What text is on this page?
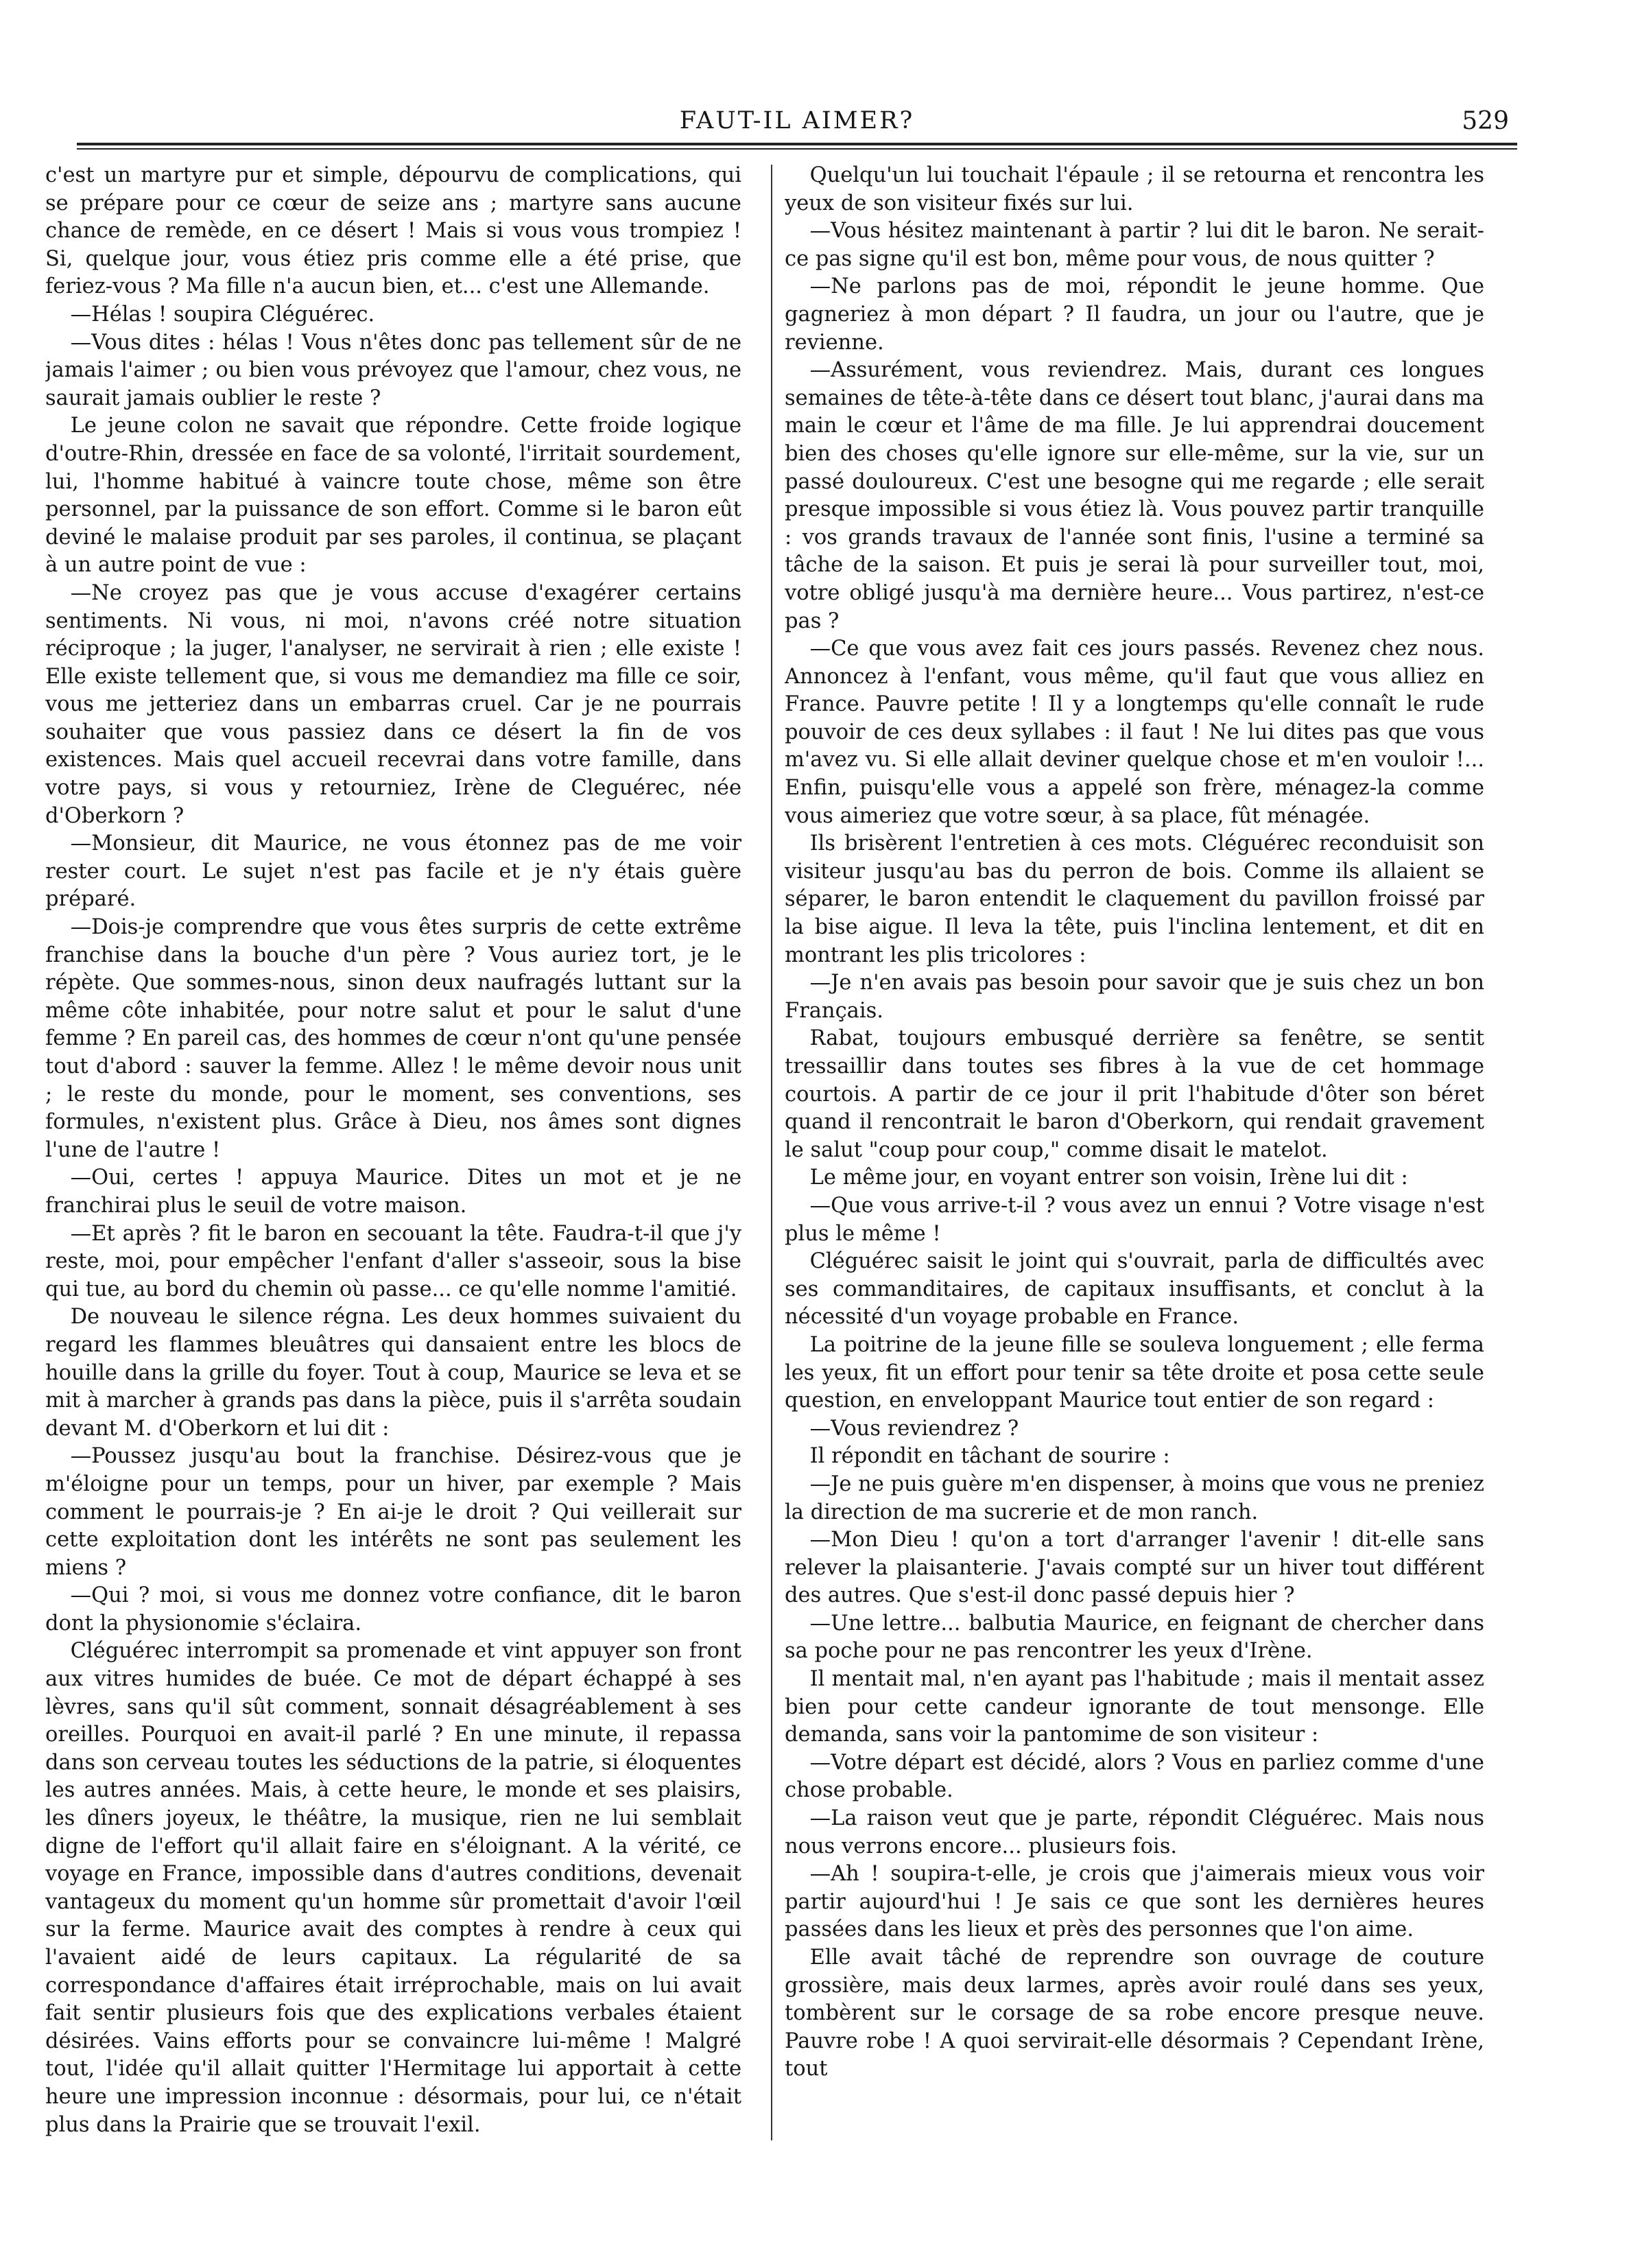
FAUT-IL AIMER?	529

c'est un martyre pur et simple, dépourvu de complications, qui se prépare pour ce cœur de seize ans ; martyre sans aucune chance de remède, en ce désert ! Mais si vous vous trompiez ! Si, quelque jour, vous étiez pris comme elle a été prise, que feriez-vous ? Ma fille n'a aucun bien, et... c'est une Allemande.

—Hélas ! soupira Cléguérec.

—Vous dites : hélas ! Vous n'êtes donc pas tellement sûr de ne jamais l'aimer ; ou bien vous prévoyez que l'amour, chez vous, ne saurait jamais oublier le reste ?

Le jeune colon ne savait que répondre. Cette froide logique d'outre-Rhin, dressée en face de sa volonté, l'irritait sourdement, lui, l'homme habitué à vaincre toute chose, même son être personnel, par la puissance de son effort. Comme si le baron eût deviné le malaise produit par ses paroles, il continua, se plaçant à un autre point de vue :

—Ne croyez pas que je vous accuse d'exagérer certains sentiments. Ni vous, ni moi, n'avons créé notre situation réciproque ; la juger, l'analyser, ne servirait à rien ; elle existe ! Elle existe tellement que, si vous me demandiez ma fille ce soir, vous me jetteriez dans un embarras cruel. Car je ne pourrais souhaiter que vous passiez dans ce désert la fin de vos existences. Mais quel accueil recevrai dans votre famille, dans votre pays, si vous y retourniez, Irène de Cleguérec, née d'Oberkorn ?

—Monsieur, dit Maurice, ne vous étonnez pas de me voir rester court. Le sujet n'est pas facile et je n'y étais guère préparé.

—Dois-je comprendre que vous êtes surpris de cette extrême franchise dans la bouche d'un père ? Vous auriez tort, je le répète. Que sommes-nous, sinon deux naufragés luttant sur la même côte inhabitée, pour notre salut et pour le salut d'une femme ? En pareil cas, des hommes de cœur n'ont qu'une pensée tout d'abord : sauver la femme. Allez ! le même devoir nous unit ; le reste du monde, pour le moment, ses conventions, ses formules, n'existent plus. Grâce à Dieu, nos âmes sont dignes l'une de l'autre !

—Oui, certes ! appuya Maurice. Dites un mot et je ne franchirai plus le seuil de votre maison.

—Et après ? fit le baron en secouant la tête. Faudra-t-il que j'y reste, moi, pour empêcher l'enfant d'aller s'asseoir, sous la bise qui tue, au bord du chemin où passe... ce qu'elle nomme l'amitié.

De nouveau le silence régna. Les deux hommes suivaient du regard les flammes bleuâtres qui dansaient entre les blocs de houille dans la grille du foyer. Tout à coup, Maurice se leva et se mit à marcher à grands pas dans la pièce, puis il s'arrêta soudain devant M. d'Oberkorn et lui dit :

—Poussez jusqu'au bout la franchise. Désirez-vous que je m'éloigne pour un temps, pour un hiver, par exemple ? Mais comment le pourrais-je ? En ai-je le droit ? Qui veillerait sur cette exploitation dont les intérêts ne sont pas seulement les miens ?

—Qui ? moi, si vous me donnez votre confiance, dit le baron dont la physionomie s'éclaira.

Cléguérec interrompit sa promenade et vint appuyer son front aux vitres humides de buée. Ce mot de départ échappé à ses lèvres, sans qu'il sût comment, sonnait désagréablement à ses oreilles. Pourquoi en avait-il parlé ? En une minute, il repassa dans son cerveau toutes les séductions de la patrie, si éloquentes les autres années. Mais, à cette heure, le monde et ses plaisirs, les dîners joyeux, le théâtre, la musique, rien ne lui semblait digne de l'effort qu'il allait faire en s'éloignant. A la vérité, ce voyage en France, impossible dans d'autres conditions, devenait vantageux du moment qu'un homme sûr promettait d'avoir l'œil sur la ferme. Maurice avait des comptes à rendre à ceux qui l'avaient aidé de leurs capitaux. La régularité de sa correspondance d'affaires était irréprochable, mais on lui avait fait sentir plusieurs fois que des explications verbales étaient désirées. Vains efforts pour se convaincre lui-même ! Malgré tout, l'idée qu'il allait quitter l'Hermitage lui apportait à cette heure une impression inconnue : désormais, pour lui, ce n'était plus dans la Prairie que se trouvait l'exil.

Quelqu'un lui touchait l'épaule ; il se retourna et rencontra les yeux de son visiteur fixés sur lui.

—Vous hésitez maintenant à partir ? lui dit le baron. Ne serait-ce pas signe qu'il est bon, même pour vous, de nous quitter ?

—Ne parlons pas de moi, répondit le jeune homme. Que gagneriez à mon départ ? Il faudra, un jour ou l'autre, que je revienne.

—Assurément, vous reviendrez. Mais, durant ces longues semaines de tête-à-tête dans ce désert tout blanc, j'aurai dans ma main le cœur et l'âme de ma fille. Je lui apprendrai doucement bien des choses qu'elle ignore sur elle-même, sur la vie, sur un passé douloureux. C'est une besogne qui me regarde ; elle serait presque impossible si vous étiez là. Vous pouvez partir tranquille : vos grands travaux de l'année sont finis, l'usine a terminé sa tâche de la saison. Et puis je serai là pour surveiller tout, moi, votre obligé jusqu'à ma dernière heure... Vous partirez, n'est-ce pas ?

—Ce que vous avez fait ces jours passés. Revenez chez nous. Annoncez à l'enfant, vous même, qu'il faut que vous alliez en France. Pauvre petite ! Il y a longtemps qu'elle connaît le rude pouvoir de ces deux syllabes : il faut ! Ne lui dites pas que vous m'avez vu. Si elle allait deviner quelque chose et m'en vouloir !... Enfin, puisqu'elle vous a appelé son frère, ménagez-la comme vous aimeriez que votre sœur, à sa place, fût ménagée.

Ils brisèrent l'entretien à ces mots. Cléguérec reconduisit son visiteur jusqu'au bas du perron de bois. Comme ils allaient se séparer, le baron entendit le claquement du pavillon froissé par la bise aigue. Il leva la tête, puis l'inclina lentement, et dit en montrant les plis tricolores :

—Je n'en avais pas besoin pour savoir que je suis chez un bon Français.

Rabat, toujours embusqué derrière sa fenêtre, se sentit tressaillir dans toutes ses fibres à la vue de cet hommage courtois. A partir de ce jour il prit l'habitude d'ôter son béret quand il rencontrait le baron d'Oberkorn, qui rendait gravement le salut "coup pour coup," comme disait le matelot.

Le même jour, en voyant entrer son voisin, Irène lui dit :

—Que vous arrive-t-il ? vous avez un ennui ? Votre visage n'est plus le même !

Cléguérec saisit le joint qui s'ouvrait, parla de difficultés avec ses commanditaires, de capitaux insuffisants, et conclut à la nécessité d'un voyage probable en France.

La poitrine de la jeune fille se souleva longuement ; elle ferma les yeux, fit un effort pour tenir sa tête droite et posa cette seule question, en enveloppant Maurice tout entier de son regard :

—Vous reviendrez ?

Il répondit en tâchant de sourire :

—Je ne puis guère m'en dispenser, à moins que vous ne preniez la direction de ma sucrerie et de mon ranch.

—Mon Dieu ! qu'on a tort d'arranger l'avenir ! dit-elle sans relever la plaisanterie. J'avais compté sur un hiver tout différent des autres. Que s'est-il donc passé depuis hier ?

—Une lettre... balbutia Maurice, en feignant de chercher dans sa poche pour ne pas rencontrer les yeux d'Irène.

Il mentait mal, n'en ayant pas l'habitude ; mais il mentait assez bien pour cette candeur ignorante de tout mensonge. Elle demanda, sans voir la pantomime de son visiteur :

—Votre départ est décidé, alors ? Vous en parliez comme d'une chose probable.

—La raison veut que je parte, répondit Cléguérec. Mais nous nous verrons encore... plusieurs fois.

—Ah ! soupira-t-elle, je crois que j'aimerais mieux vous voir partir aujourd'hui ! Je sais ce que sont les dernières heures passées dans les lieux et près des personnes que l'on aime.

Elle avait tâché de reprendre son ouvrage de couture grossière, mais deux larmes, après avoir roulé dans ses yeux, tombèrent sur le corsage de sa robe encore presque neuve. Pauvre robe ! A quoi servirait-elle désormais ? Cependant Irène, tout
